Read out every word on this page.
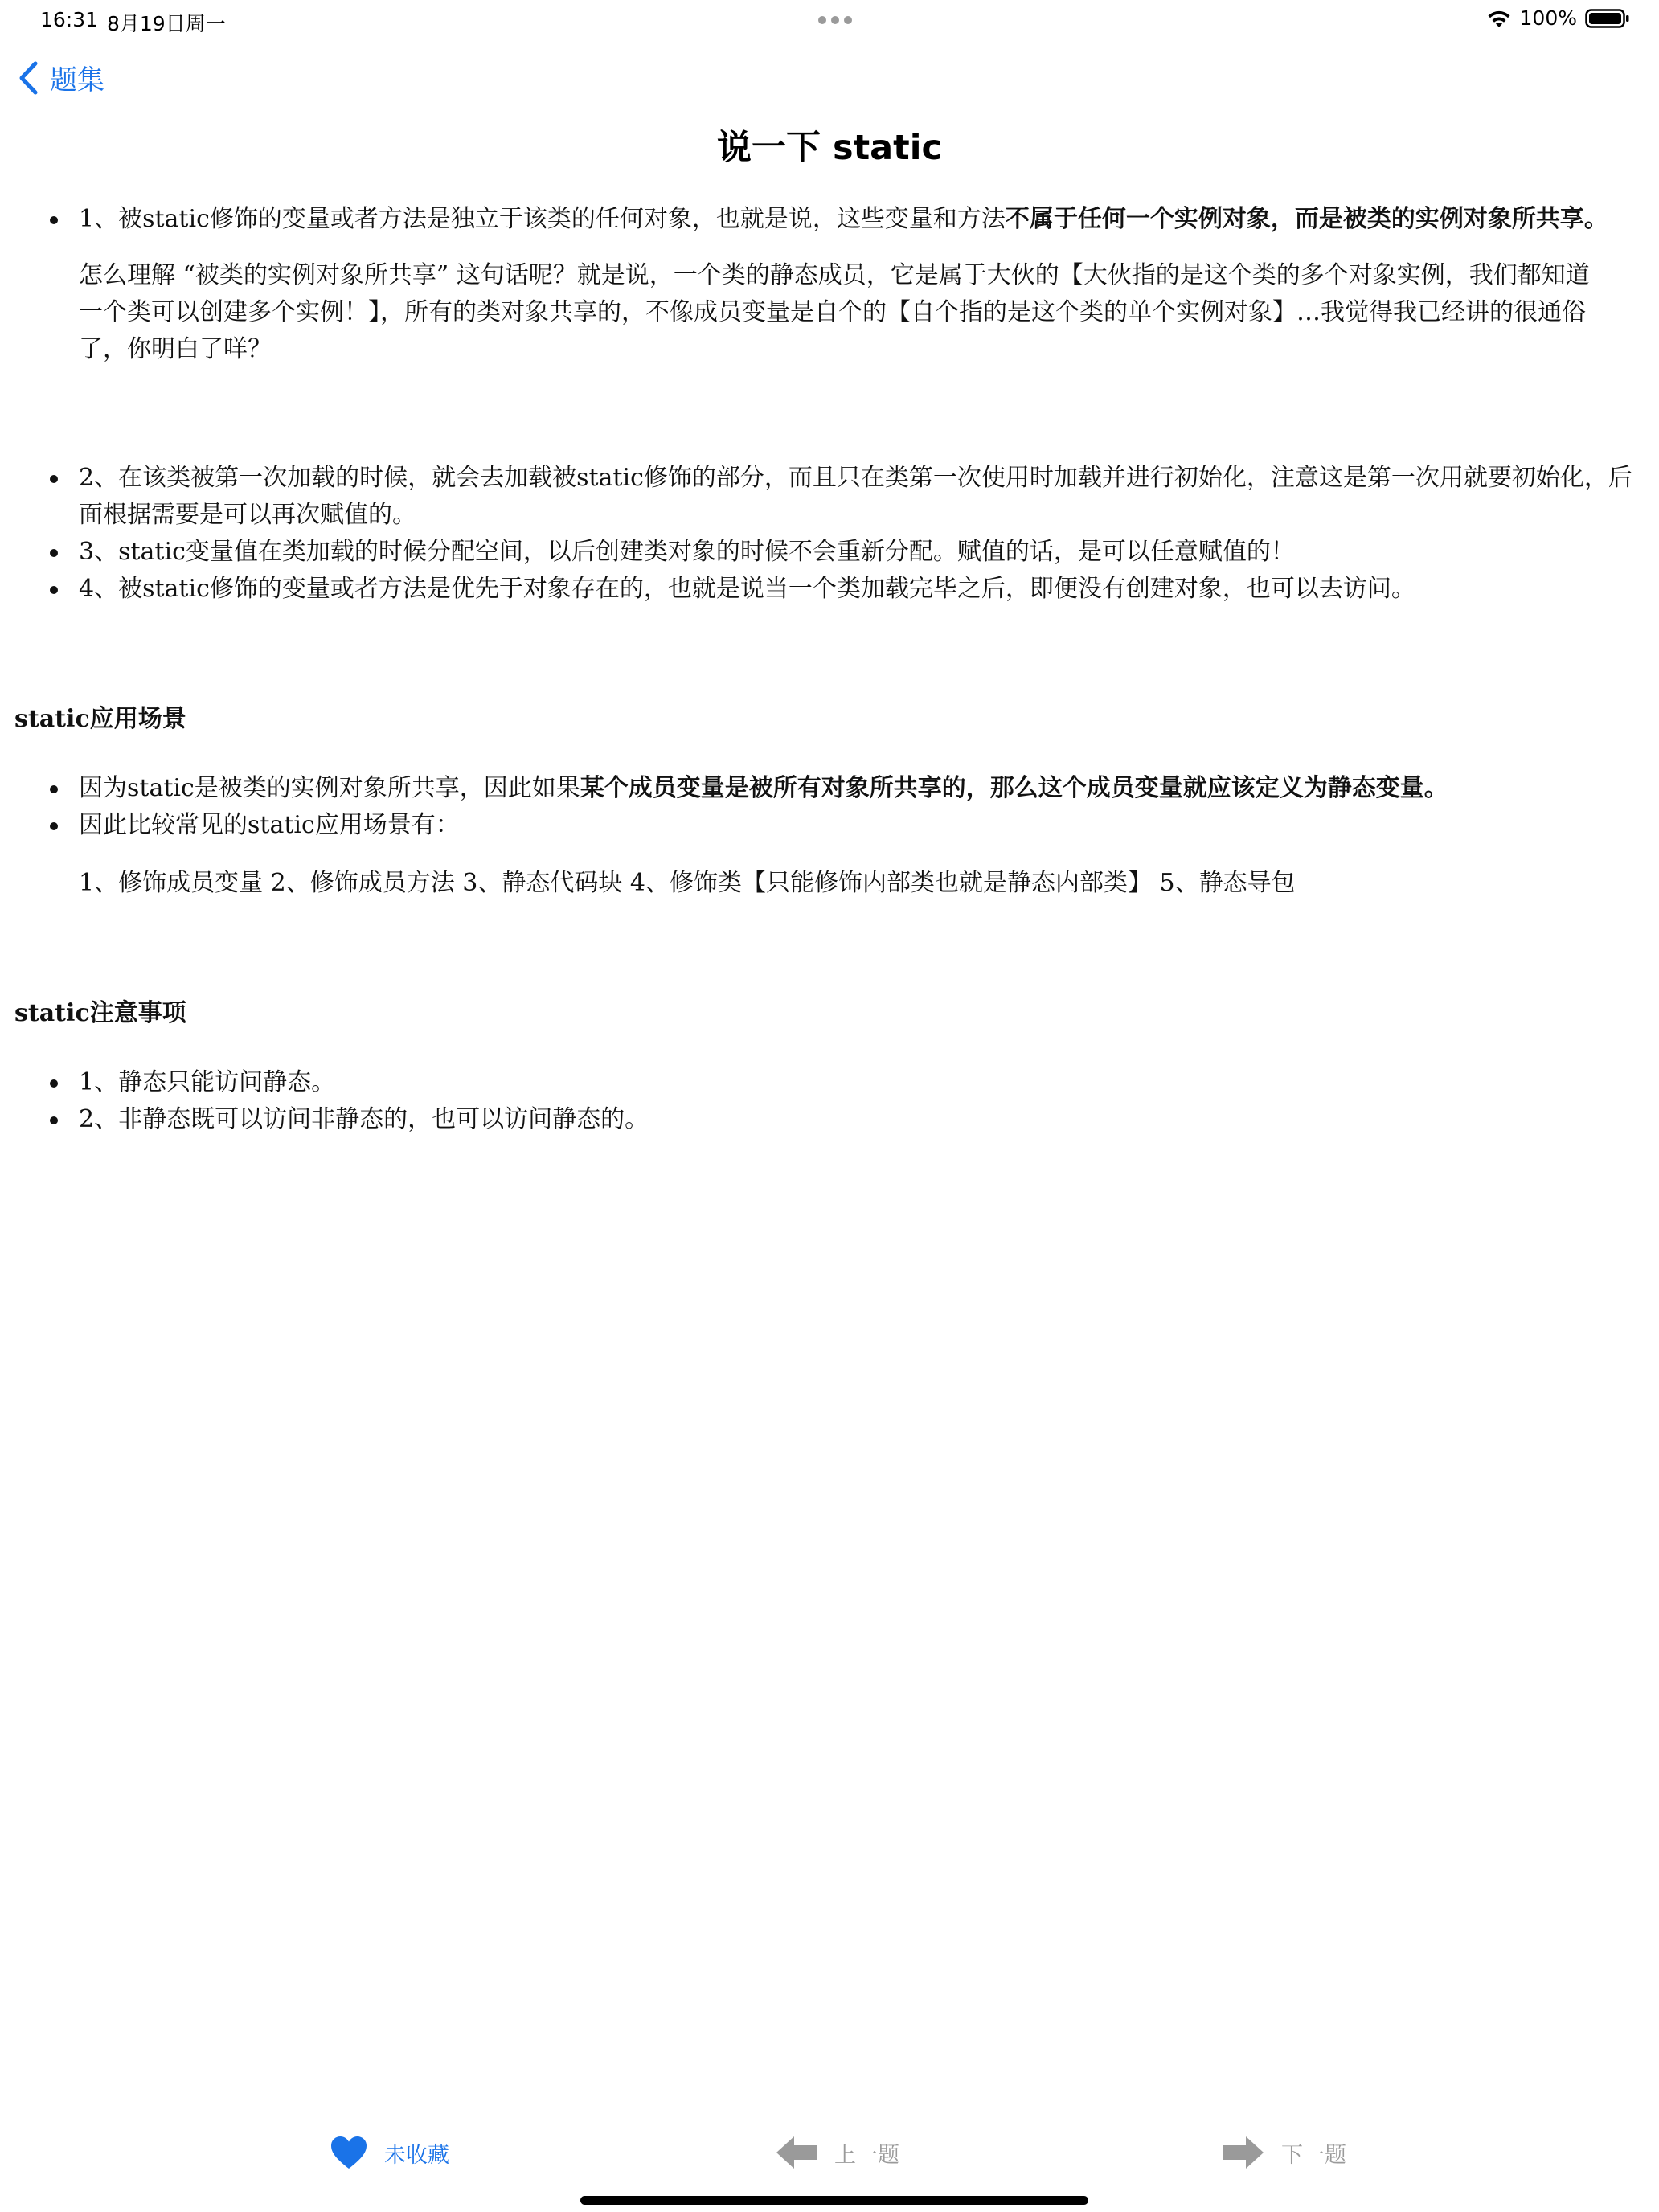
16:31 8月19日周一	100%
题集
说一下 static
1、被static修饰的变量或者方法是独立于该类的任何对象，也就是说，这些变量和方法不属于任何一个实例对象，而是被类的实例对象所共享。
怎么理解 “被类的实例对象所共享” 这句话呢？就是说，一个类的静态成员，它是属于大伙的【大伙指的是这个类的多个对象实例，我们都知道一个类可以创建多个实例！】，所有的类对象共享的，不像成员变量是自个的【自个指的是这个类的单个实例对象】…我觉得我已经讲的很通俗了，你明白了咩？
2、在该类被第一次加载的时候，就会去加载被static修饰的部分，而且只在类第一次使用时加载并进行初始化，注意这是第一次用就要初始化，后面根据需要是可以再次赋值的。
3、static变量值在类加载的时候分配空间，以后创建类对象的时候不会重新分配。赋值的话，是可以任意赋值的！
4、被static修饰的变量或者方法是优先于对象存在的，也就是说当一个类加载完毕之后，即便没有创建对象，也可以去访问。
static应用场景
因为static是被类的实例对象所共享，因此如果某个成员变量是被所有对象所共享的，那么这个成员变量就应该定义为静态变量。
因此比较常见的static应用场景有：
1、修饰成员变量 2、修饰成员方法 3、静态代码块 4、修饰类【只能修饰内部类也就是静态内部类】 5、静态导包
static注意事项
1、静态只能访问静态。
2、非静态既可以访问非静态的，也可以访问静态的。
未收藏	上一题	下一题
